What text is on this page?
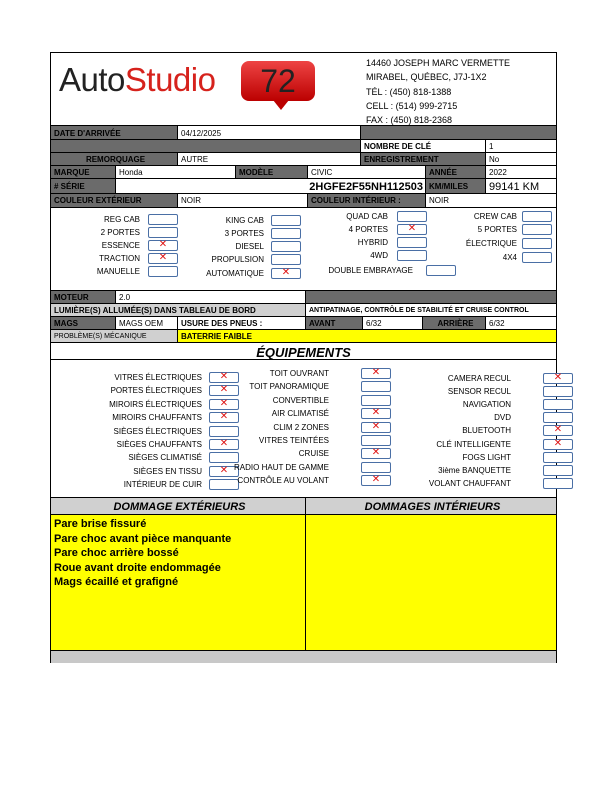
AutoStudio	72	14460 JOSEPH MARC VERMETTE
MIRABEL, QUÉBEC, J7J-1X2
TÉL : (450) 818-1388
CELL : (514) 999-2715
FAX : (450) 818-2368
DATE D'ARRIVÉE	04/12/2025
NOMBRE DE CLÉ	1
REMORQUAGE	AUTRE	ENREGISTREMENT	No
MARQUE	Honda	MODÈLE	CIVIC	ANNÉE	2022
# SÉRIE	2HGFE2F55NH112503 KM/MILES	99141 KM
COULEUR EXTÉRIEUR	NOIR	COULEUR INTÉRIEUR :	NOIR
REG CAB
2 PORTES
ESSENCE	✕
TRACTION	✕
MANUELLE
KING CAB
3 PORTES
DIESEL
PROPULSION
AUTOMATIQUE	✕
QUAD CAB
4 PORTES	✕
HYBRID
4WD
DOUBLE EMBRAYAGE
CREW CAB
5 PORTES
ÉLECTRIQUE
4X4
MOTEUR	2.0
LUMIÈRE(S) ALLUMÉE(S) DANS TABLEAU DE BORD	ANTIPATINAGE, CONTRÔLE DE STABILITÉ ET CRUISE CONTROL
MAGS	MAGS OEM	USURE DES PNEUS :	AVANT	6/32	ARRIÈRE	6/32
PROBLÈME(S) MÉCANIQUE	BATERRIE FAIBLE
ÉQUIPEMENTS
VITRES ÉLECTRIQUES	✕
PORTES ÉLECTRIQUES	✕
MIROIRS ÉLECTRIQUES	✕
MIROIRS CHAUFFANTS	✕
SIÈGES ÉLECTRIQUES
SIÈGES CHAUFFANTS	✕
SIÈGES CLIMATISÉ
SIÈGES EN TISSU	✕
INTÉRIEUR DE CUIR
TOIT OUVRANT	✕
TOIT PANORAMIQUE
CONVERTIBLE
AIR CLIMATISÉ	✕
CLIM 2 ZONES	✕
VITRES TEINTÉES
CRUISE	✕
RADIO HAUT DE GAMME
CONTRÔLE AU VOLANT	✕
CAMERA RECUL	✕
SENSOR RECUL
NAVIGATION
DVD
BLUETOOTH	✕
CLÉ INTELLIGENTE	✕
FOGS LIGHT
3ième BANQUETTE
VOLANT CHAUFFANT
DOMMAGE EXTÉRIEURS	DOMMAGES INTÉRIEURS
Pare brise fissuré
Pare choc avant pièce manquante
Pare choc arrière bossé
Roue avant droite endommagée
Mags écaillé et grafigné
